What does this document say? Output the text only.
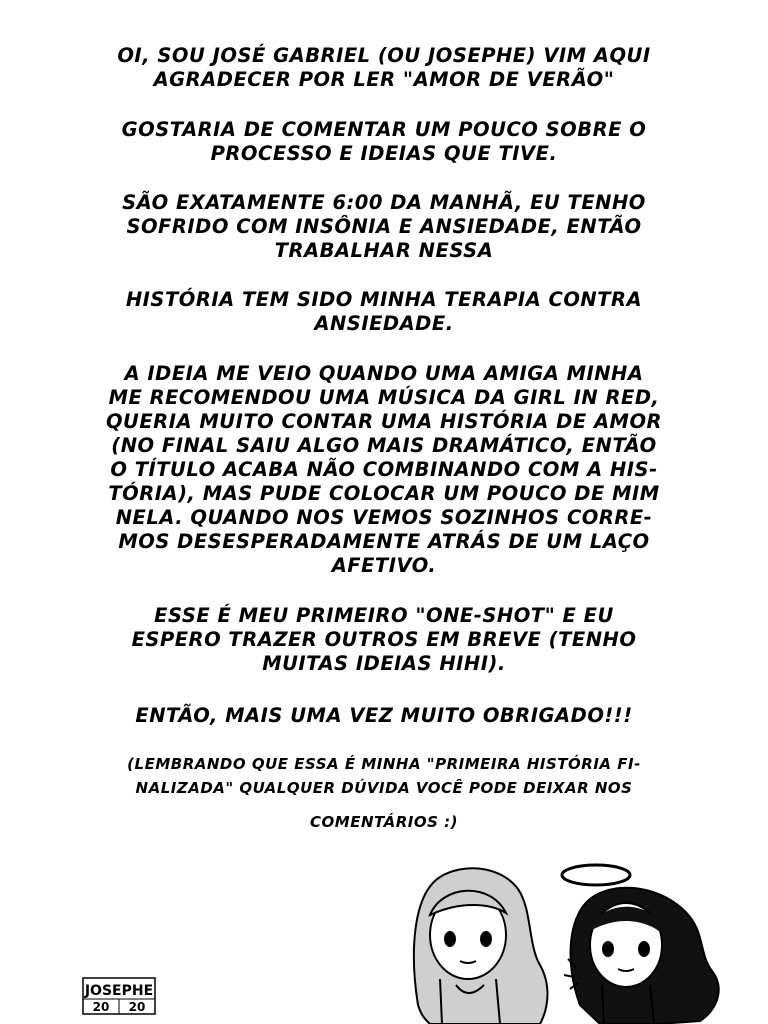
OI, SOU JOSÉ GABRIEL (OU JOSEPHE) VIM AQUI
AGRADECER POR LER "AMOR DE VERÃO"
GOSTARIA DE COMENTAR UM POUCO SOBRE O
PROCESSO E IDEIAS QUE TIVE.
SÃO EXATAMENTE 6:00 DA MANHÃ, EU TENHO
SOFRIDO COM INSÔNIA E ANSIEDADE, ENTÃO
TRABALHAR NESSA
HISTÓRIA TEM SIDO MINHA TERAPIA CONTRA
ANSIEDADE.
A IDEIA ME VEIO QUANDO UMA AMIGA MINHA
ME RECOMENDOU UMA MÚSICA DA GIRL IN RED,
QUERIA MUITO CONTAR UMA HISTÓRIA DE AMOR
(NO FINAL SAIU ALGO MAIS DRAMÁTICO, ENTÃO
O TÍTULO ACABA NÃO COMBINANDO COM A HIS-
TÓRIA), MAS PUDE COLOCAR UM POUCO DE MIM
NELA. QUANDO NOS VEMOS SOZINHOS CORRE-
MOS DESESPERADAMENTE ATRÁS DE UM LAÇO
AFETIVO.
ESSE É MEU PRIMEIRO "ONE-SHOT" E EU
ESPERO TRAZER OUTROS EM BREVE (TENHO
MUITAS IDEIAS HIHI).
ENTÃO, MAIS UMA VEZ MUITO OBRIGADO!!!
(LEMBRANDO QUE ESSA É MINHA "PRIMEIRA HISTÓRIA FI-
NALIZADA" QUALQUER DÚVIDA VOCÊ PODE DEIXAR NOS
COMENTÁRIOS :)
JOSEPHE
20 20
